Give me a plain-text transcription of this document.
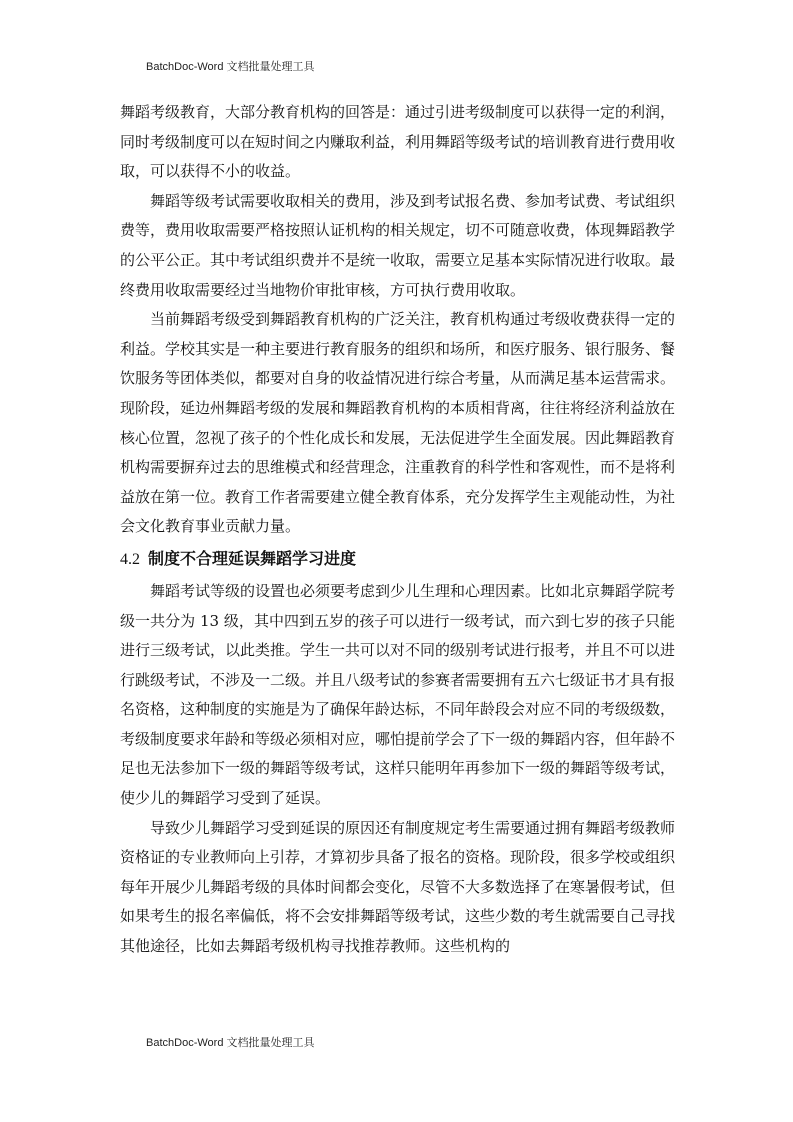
BatchDoc-Word 文档批量处理工具

舞蹈考级教育，大部分教育机构的回答是：通过引进考级制度可以获得一定的利润，同时考级制度可以在短时间之内赚取利益，利用舞蹈等级考试的培训教育进行费用收取，可以获得不小的收益。

舞蹈等级考试需要收取相关的费用，涉及到考试报名费、参加考试费、考试组织费等，费用收取需要严格按照认证机构的相关规定，切不可随意收费，体现舞蹈教学的公平公正。其中考试组织费并不是统一收取，需要立足基本实际情况进行收取。最终费用收取需要经过当地物价审批审核，方可执行费用收取。

当前舞蹈考级受到舞蹈教育机构的广泛关注，教育机构通过考级收费获得一定的利益。学校其实是一种主要进行教育服务的组织和场所，和医疗服务、银行服务、餐饮服务等团体类似，都要对自身的收益情况进行综合考量，从而满足基本运营需求。现阶段，延边州舞蹈考级的发展和舞蹈教育机构的本质相背离，往往将经济利益放在核心位置，忽视了孩子的个性化成长和发展，无法促进学生全面发展。因此舞蹈教育机构需要摒弃过去的思维模式和经营理念，注重教育的科学性和客观性，而不是将利益放在第一位。教育工作者需要建立健全教育体系，充分发挥学生主观能动性，为社会文化教育事业贡献力量。

4.2 制度不合理延误舞蹈学习进度

舞蹈考试等级的设置也必须要考虑到少儿生理和心理因素。比如北京舞蹈学院考级一共分为 13 级，其中四到五岁的孩子可以进行一级考试，而六到七岁的孩子只能进行三级考试，以此类推。学生一共可以对不同的级别考试进行报考，并且不可以进行跳级考试，不涉及一二级。并且八级考试的参赛者需要拥有五六七级证书才具有报名资格，这种制度的实施是为了确保年龄达标，不同年龄段会对应不同的考级级数，考级制度要求年龄和等级必须相对应，哪怕提前学会了下一级的舞蹈内容，但年龄不足也无法参加下一级的舞蹈等级考试，这样只能明年再参加下一级的舞蹈等级考试，使少儿的舞蹈学习受到了延误。

导致少儿舞蹈学习受到延误的原因还有制度规定考生需要通过拥有舞蹈考级教师资格证的专业教师向上引荐，才算初步具备了报名的资格。现阶段，很多学校或组织每年开展少儿舞蹈考级的具体时间都会变化，尽管不大多数选择了在寒暑假考试，但如果考生的报名率偏低，将不会安排舞蹈等级考试，这些少数的考生就需要自己寻找其他途径，比如去舞蹈考级机构寻找推荐教师。这些机构的

BatchDoc-Word 文档批量处理工具
